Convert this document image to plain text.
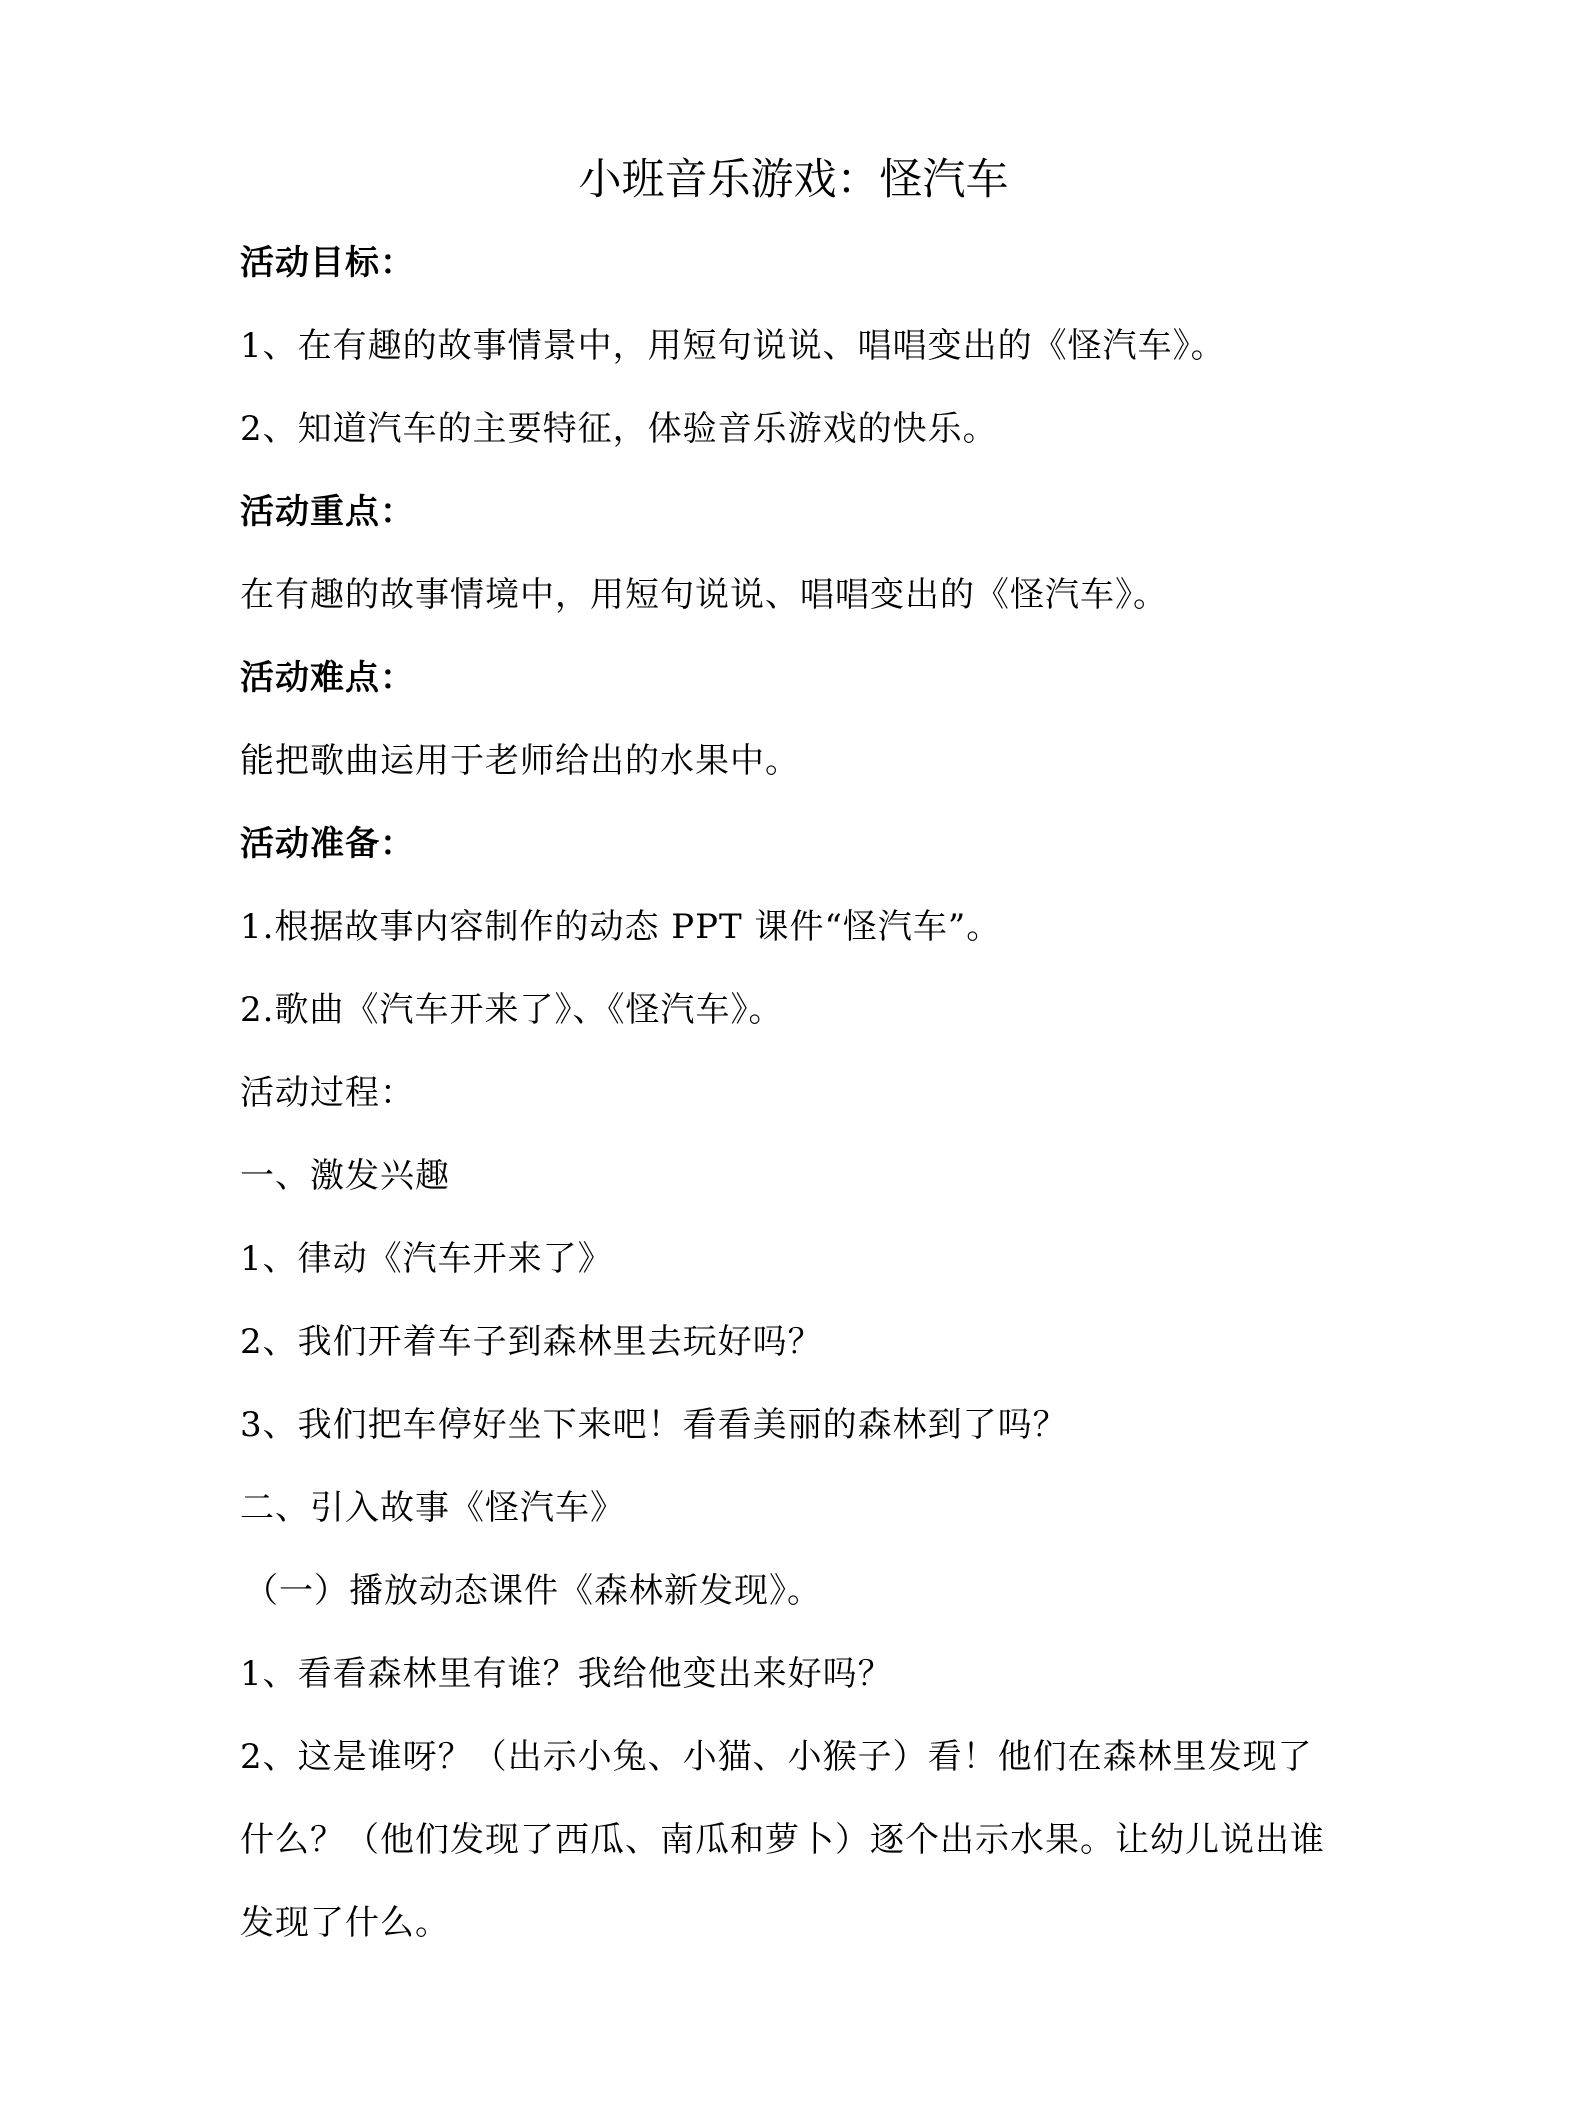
小班音乐游戏：怪汽车

活动目标：

1、在有趣的故事情景中，用短句说说、唱唱变出的《怪汽车》。

2、知道汽车的主要特征，体验音乐游戏的快乐。

活动重点：

在有趣的故事情境中，用短句说说、唱唱变出的《怪汽车》。

活动难点：

能把歌曲运用于老师给出的水果中。

活动准备：

1.根据故事内容制作的动态 PPT 课件“怪汽车”。

2.歌曲《汽车开来了》、《怪汽车》。

活动过程：

一、激发兴趣

1、律动《汽车开来了》

2、我们开着车子到森林里去玩好吗？

3、我们把车停好坐下来吧！看看美丽的森林到了吗？

二、引入故事《怪汽车》

（一）播放动态课件《森林新发现》。

1、看看森林里有谁？我给他变出来好吗？

2、这是谁呀？（出示小兔、小猫、小猴子）看！他们在森林里发现了什么？（他们发现了西瓜、南瓜和萝卜）逐个出示水果。让幼儿说出谁发现了什么。
